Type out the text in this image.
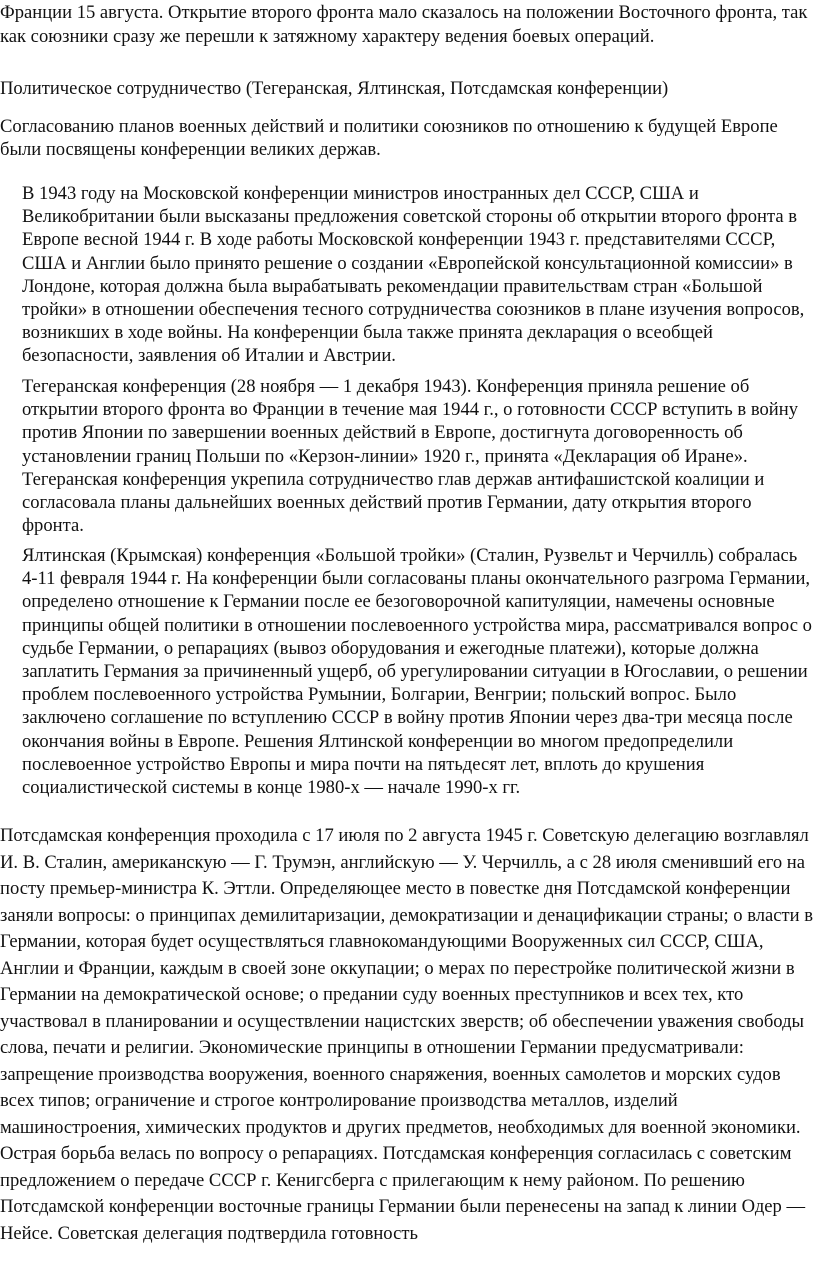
Франции 15 августа. Открытие второго фронта мало сказалось на положении Восточного фронта, так как союзники сразу же перешли к затяжному характеру ведения боевых операций.

Политическое сотрудничество (Тегеранская, Ялтинская, Потсдамская конференции)

Согласованию планов военных действий и политики союзников по отношению к будущей Европе были посвящены конференции великих держав.

В 1943 году на Московской конференции министров иностранных дел СССР, США и Великобритании были высказаны предложения советской стороны об открытии второго фронта в Европе весной 1944 г. В ходе работы Московской конференции 1943 г. представителями СССР, США и Англии было принято решение о создании «Европейской консультационной комиссии» в Лондоне, которая должна была вырабатывать рекомендации правительствам стран «Большой тройки» в отношении обеспечения тесного сотрудничества союзников в плане изучения вопросов, возникших в ходе войны. На конференции была также принята декларация о всеобщей безопасности, заявления об Италии и Австрии.

Тегеранская конференция (28 ноября — 1 декабря 1943). Конференция приняла решение об открытии второго фронта во Франции в течение мая 1944 г., о готовности СССР вступить в войну против Японии по завершении военных действий в Европе, достигнута договоренность об установлении границ Польши по «Керзон-линии» 1920 г., принята «Декларация об Иране». Тегеранская конференция укрепила сотрудничество глав держав антифашистской коалиции и согласовала планы дальнейших военных действий против Германии, дату открытия второго фронта.

Ялтинская (Крымская) конференция «Большой тройки» (Сталин, Рузвельт и Черчилль) собралась 4-11 февраля 1944 г. На конференции были согласованы планы окончательного разгрома Германии, определено отношение к Германии после ее безоговорочной капитуляции, намечены основные принципы общей политики в отношении послевоенного устройства мира, рассматривался вопрос о судьбе Германии, о репарациях (вывоз оборудования и ежегодные платежи), которые должна заплатить Германия за причиненный ущерб, об урегулировании ситуации в Югославии, о решении проблем послевоенного устройства Румынии, Болгарии, Венгрии; польский вопрос. Было заключено соглашение по вступлению СССР в войну против Японии через два-три месяца после окончания войны в Европе. Решения Ялтинской конференции во многом предопределили послевоенное устройство Европы и мира почти на пятьдесят лет, вплоть до крушения социалистической системы в конце 1980-х — начале 1990-х гг.

Потсдамская конференция проходила с 17 июля по 2 августа 1945 г. Советскую делегацию возглавлял И. В. Сталин, американскую — Г. Трумэн, английскую — У. Черчилль, а с 28 июля сменивший его на посту премьер-министра К. Эттли. Определяющее место в повестке дня Потсдамской конференции заняли вопросы: о принципах демилитаризации, демократизации и денацификации страны; о власти в Германии, которая будет осуществляться главнокомандующими Вооруженных сил СССР, США, Англии и Франции, каждым в своей зоне оккупации; о мерах по перестройке политической жизни в Германии на демократической основе; о предании суду военных преступников и всех тех, кто участвовал в планировании и осуществлении нацистских зверств; об обеспечении уважения свободы слова, печати и религии. Экономические принципы в отношении Германии предусматривали: запрещение производства вооружения, военного снаряжения, военных самолетов и морских судов всех типов; ограничение и строгое контролирование производства металлов, изделий машиностроения, химических продуктов и других предметов, необходимых для военной экономики. Острая борьба велась по вопросу о репарациях. Потсдамская конференция согласилась с советским предложением о передаче СССР г. Кенигсберга с прилегающим к нему районом. По решению Потсдамской конференции восточные границы Германии были перенесены на запад к линии Одер — Нейсе. Советская делегация подтвердила готовность
